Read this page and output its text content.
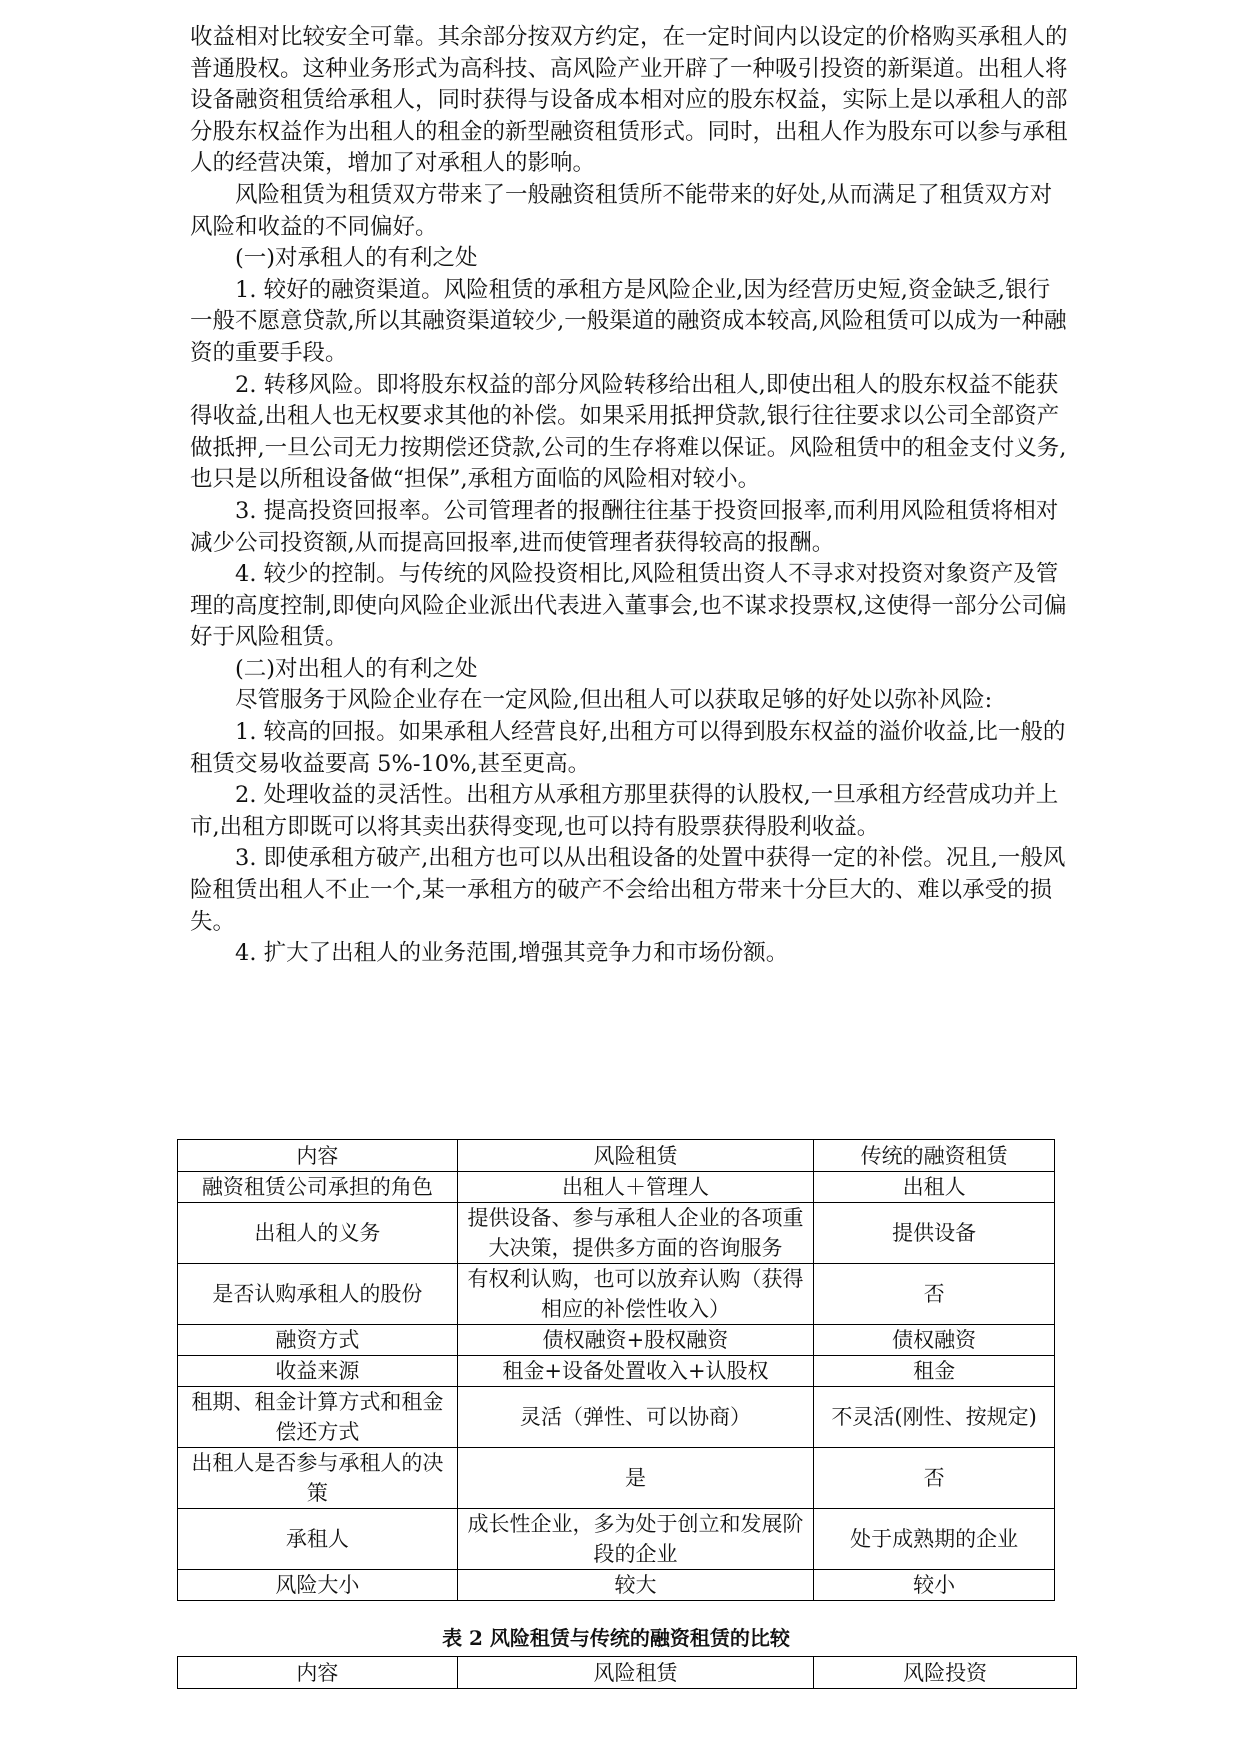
收益相对比较安全可靠。其余部分按双方约定，在一定时间内以设定的价格购买承租人的普通股权。这种业务形式为高科技、高风险产业开辟了一种吸引投资的新渠道。出租人将设备融资租赁给承租人，同时获得与设备成本相对应的股东权益，实际上是以承租人的部分股东权益作为出租人的租金的新型融资租赁形式。同时，出租人作为股东可以参与承租人的经营决策，增加了对承租人的影响。

风险租赁为租赁双方带来了一般融资租赁所不能带来的好处,从而满足了租赁双方对风险和收益的不同偏好。

(一)对承租人的有利之处

1. 较好的融资渠道。风险租赁的承租方是风险企业,因为经营历史短,资金缺乏,银行一般不愿意贷款,所以其融资渠道较少,一般渠道的融资成本较高,风险租赁可以成为一种融资的重要手段。

2. 转移风险。即将股东权益的部分风险转移给出租人,即使出租人的股东权益不能获得收益,出租人也无权要求其他的补偿。如果采用抵押贷款,银行往往要求以公司全部资产做抵押,一旦公司无力按期偿还贷款,公司的生存将难以保证。风险租赁中的租金支付义务,也只是以所租设备做“担保”,承租方面临的风险相对较小。

3. 提高投资回报率。公司管理者的报酬往往基于投资回报率,而利用风险租赁将相对减少公司投资额,从而提高回报率,进而使管理者获得较高的报酬。

4. 较少的控制。与传统的风险投资相比,风险租赁出资人不寻求对投资对象资产及管理的高度控制,即使向风险企业派出代表进入董事会,也不谋求投票权,这使得一部分公司偏好于风险租赁。

(二)对出租人的有利之处

尽管服务于风险企业存在一定风险,但出租人可以获取足够的好处以弥补风险:

1. 较高的回报。如果承租人经营良好,出租方可以得到股东权益的溢价收益,比一般的租赁交易收益要高 5%-10%,甚至更高。

2. 处理收益的灵活性。出租方从承租方那里获得的认股权,一旦承租方经营成功并上市,出租方即既可以将其卖出获得变现,也可以持有股票获得股利收益。

3. 即使承租方破产,出租方也可以从出租设备的处置中获得一定的补偿。况且,一般风险租赁出租人不止一个,某一承租方的破产不会给出租方带来十分巨大的、难以承受的损失。

4. 扩大了出租人的业务范围,增强其竞争力和市场份额。

内容	风险租赁	传统的融资租赁
融资租赁公司承担的角色	出租人＋管理人	出租人
出租人的义务	提供设备、参与承租人企业的各项重大决策，提供多方面的咨询服务	提供设备
是否认购承租人的股份	有权利认购，也可以放弃认购（获得相应的补偿性收入）	否
融资方式	债权融资+股权融资	债权融资
收益来源	租金+设备处置收入+认股权	租金
租期、租金计算方式和租金偿还方式	灵活（弹性、可以协商）	不灵活(刚性、按规定)
出租人是否参与承租人的决策	是	否
承租人	成长性企业，多为处于创立和发展阶段的企业	处于成熟期的企业
风险大小	较大	较小
表 2 风险租赁与传统的融资租赁的比较
内容	风险租赁	风险投资
